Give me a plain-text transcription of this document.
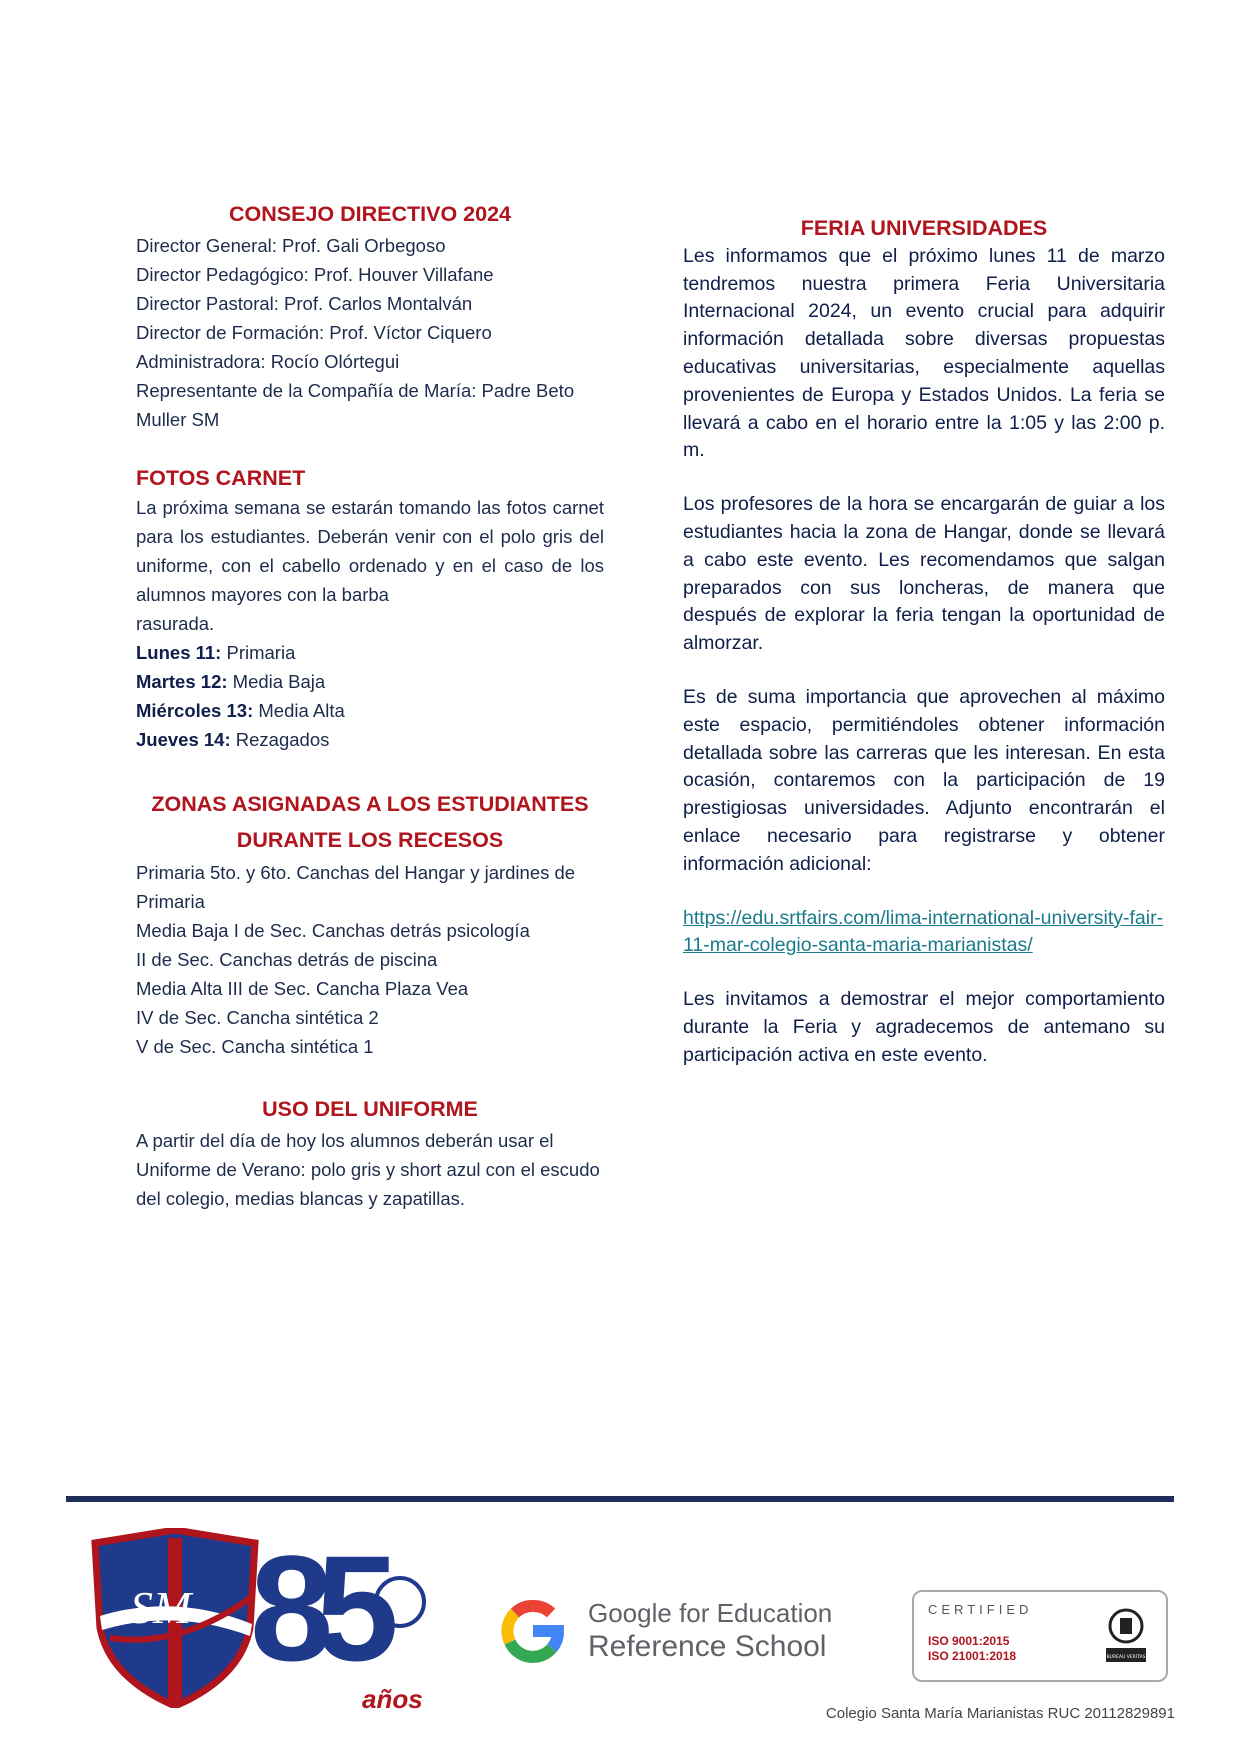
CONSEJO DIRECTIVO 2024
Director General: Prof. Gali Orbegoso
Director Pedagógico: Prof. Houver Villafane
Director Pastoral: Prof. Carlos Montalván
Director de Formación: Prof. Víctor Ciquero
Administradora: Rocío Olórtegui
Representante de la Compañía de María: Padre Beto Muller SM
FOTOS CARNET
La próxima semana se estarán tomando las fotos carnet para los estudiantes. Deberán venir con el polo gris del uniforme, con el cabello ordenado y en el caso de los alumnos mayores con la barba
rasurada.
Lunes 11: Primaria
Martes 12: Media Baja
Miércoles 13: Media Alta
Jueves 14: Rezagados
ZONAS ASIGNADAS A LOS ESTUDIANTES
DURANTE LOS RECESOS
Primaria 5to. y 6to. Canchas del Hangar y jardines de Primaria
Media Baja I de Sec. Canchas detrás psicología
II de Sec. Canchas detrás de piscina
Media Alta III de Sec. Cancha Plaza Vea
IV de Sec. Cancha sintética 2
V de Sec. Cancha sintética 1
USO DEL UNIFORME
A partir del día de hoy los alumnos deberán usar el Uniforme de Verano: polo gris y short azul con el escudo del colegio, medias blancas y zapatillas.
FERIA UNIVERSIDADES
Les informamos que el próximo lunes 11 de marzo tendremos nuestra primera Feria Universitaria Internacional 2024, un evento crucial para adquirir información detallada sobre diversas propuestas educativas universitarias, especialmente aquellas provenientes de Europa y Estados Unidos. La feria se llevará a cabo en el horario entre la 1:05 y las 2:00 p. m.
Los profesores de la hora se encargarán de guiar a los estudiantes hacia la zona de Hangar, donde se llevará a cabo este evento. Les recomendamos que salgan preparados con sus loncheras, de manera que después de explorar la feria tengan la oportunidad de almorzar.
Es de suma importancia que aprovechen al máximo este espacio, permitiéndoles obtener información detallada sobre las carreras que les interesan. En esta ocasión, contaremos con la participación de 19 prestigiosas universidades. Adjunto encontrarán el enlace necesario para registrarse y obtener información adicional:
https://edu.srtfairs.com/lima-international-university-fair-11-mar-colegio-santa-maria-marianistas/
Les invitamos a demostrar el mejor comportamiento durante la Feria y agradecemos de antemano su participación activa en este evento.
SM 85
años
Google for Education
Reference School
CERTIFIED
ISO 9001:2015
ISO 21001:2018	BUREAU VERITAS
Colegio Santa María Marianistas RUC 20112829891
